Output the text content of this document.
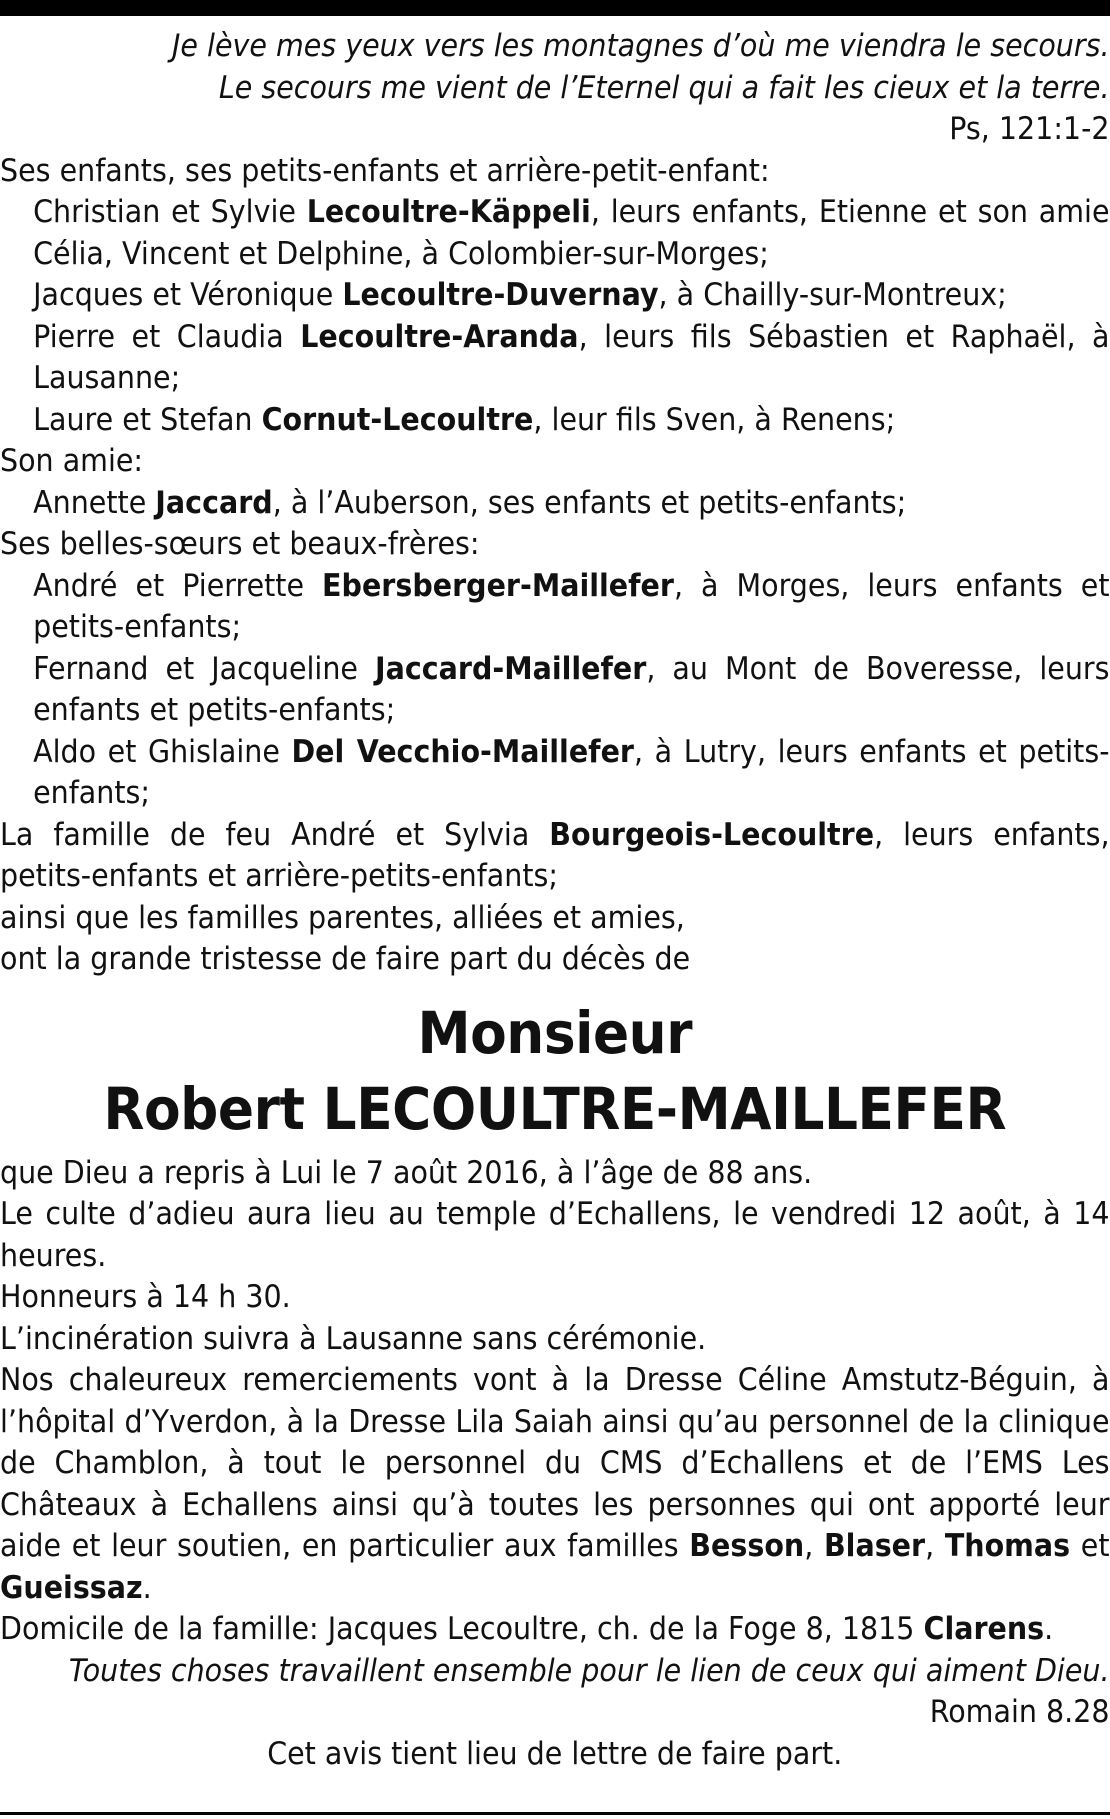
Je lève mes yeux vers les montagnes d’où me viendra le secours.

Le secours me vient de l’Eternel qui a fait les cieux et la terre.

Ps, 121:1-2

Ses enfants, ses petits-enfants et arrière-petit-enfant:

Christian et Sylvie Lecoultre-Käppeli, leurs enfants, Etienne et son amie Célia, Vincent et Delphine, à Colombier-sur-Morges;

Jacques et Véronique Lecoultre-Duvernay, à Chailly-sur-Montreux;

Pierre et Claudia Lecoultre-Aranda, leurs fils Sébastien et Raphaël, à Lausanne;

Laure et Stefan Cornut-Lecoultre, leur fils Sven, à Renens;

Son amie:

Annette Jaccard, à l’Auberson, ses enfants et petits-enfants;

Ses belles-sœurs et beaux-frères:

André et Pierrette Ebersberger-Maillefer, à Morges, leurs enfants et petits-enfants;

Fernand et Jacqueline Jaccard-Maillefer, au Mont de Boveresse, leurs enfants et petits-enfants;

Aldo et Ghislaine Del Vecchio-Maillefer, à Lutry, leurs enfants et petits-enfants;

La famille de feu André et Sylvia Bourgeois-Lecoultre, leurs enfants, petits-enfants et arrière-petits-enfants;

ainsi que les familles parentes, alliées et amies,

ont la grande tristesse de faire part du décès de

Monsieur

Robert LECOULTRE-MAILLEFER

que Dieu a repris à Lui le 7 août 2016, à l’âge de 88 ans.

Le culte d’adieu aura lieu au temple d’Echallens, le vendredi 12 août, à 14 heures.

Honneurs à 14 h 30.

L’incinération suivra à Lausanne sans cérémonie.

Nos chaleureux remerciements vont à la Dresse Céline Amstutz-Béguin, à l’hôpital d’Yverdon, à la Dresse Lila Saiah ainsi qu’au personnel de la clinique de Chamblon, à tout le personnel du CMS d’Echallens et de l’EMS Les Châteaux à Echallens ainsi qu’à toutes les personnes qui ont apporté leur aide et leur soutien, en particulier aux familles Besson, Blaser, Thomas et Gueissaz.

Domicile de la famille: Jacques Lecoultre, ch. de la Foge 8, 1815 Clarens.

Toutes choses travaillent ensemble pour le lien de ceux qui aiment Dieu.

Romain 8.28

Cet avis tient lieu de lettre de faire part.
